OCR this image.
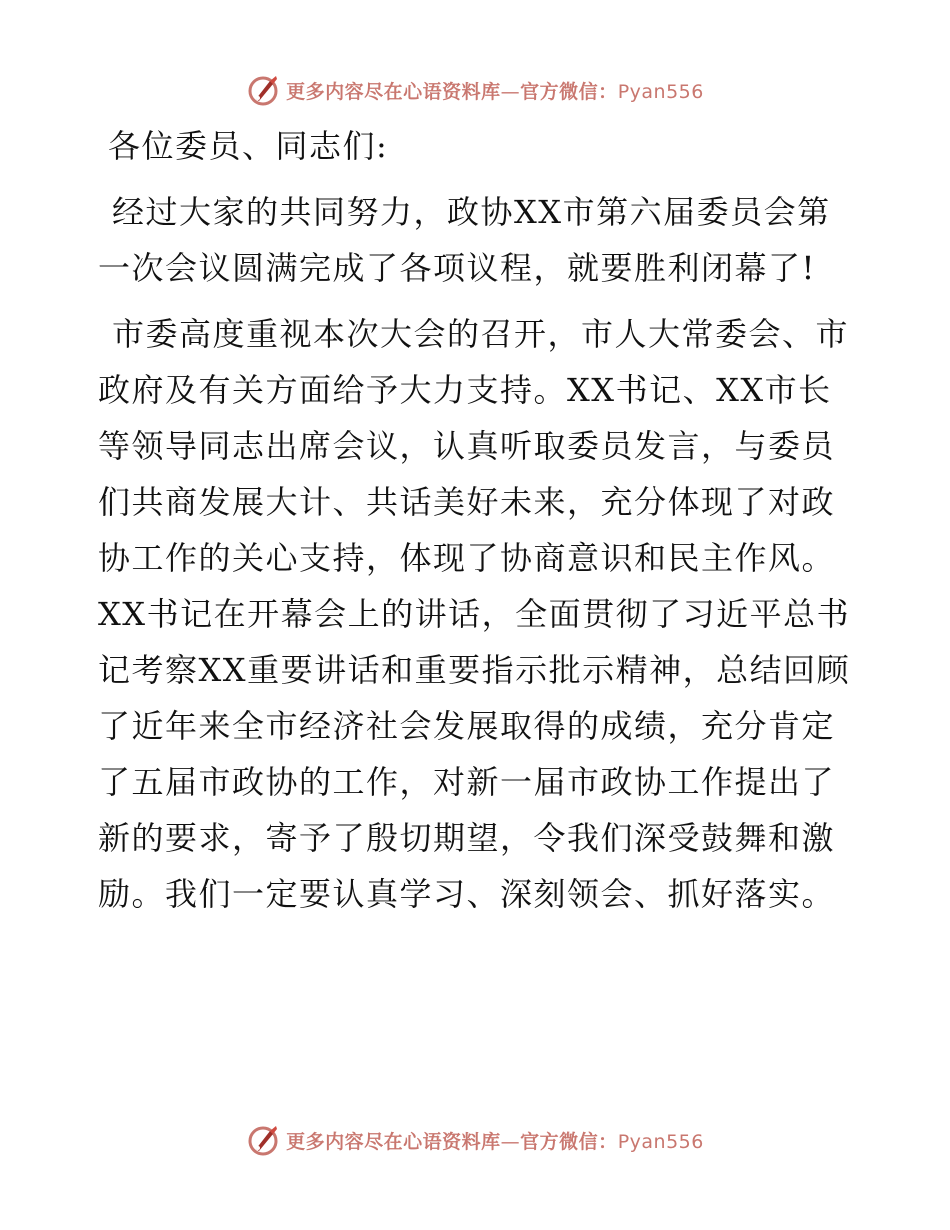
更多内容尽在心语资料库—官方微信：Pyan556

各位委员、同志们:

经过大家的共同努力，政协XX市第六届委员会第一次会议圆满完成了各项议程，就要胜利闭幕了!

市委高度重视本次大会的召开，市人大常委会、市政府及有关方面给予大力支持。XX书记、XX市长等领导同志出席会议，认真听取委员发言，与委员们共商发展大计、共话美好未来，充分体现了对政协工作的关心支持，体现了协商意识和民主作风。XX书记在开幕会上的讲话，全面贯彻了习近平总书记考察XX重要讲话和重要指示批示精神，总结回顾了近年来全市经济社会发展取得的成绩，充分肯定了五届市政协的工作，对新一届市政协工作提出了新的要求，寄予了殷切期望，令我们深受鼓舞和激励。我们一定要认真学习、深刻领会、抓好落实。

更多内容尽在心语资料库—官方微信：Pyan556
